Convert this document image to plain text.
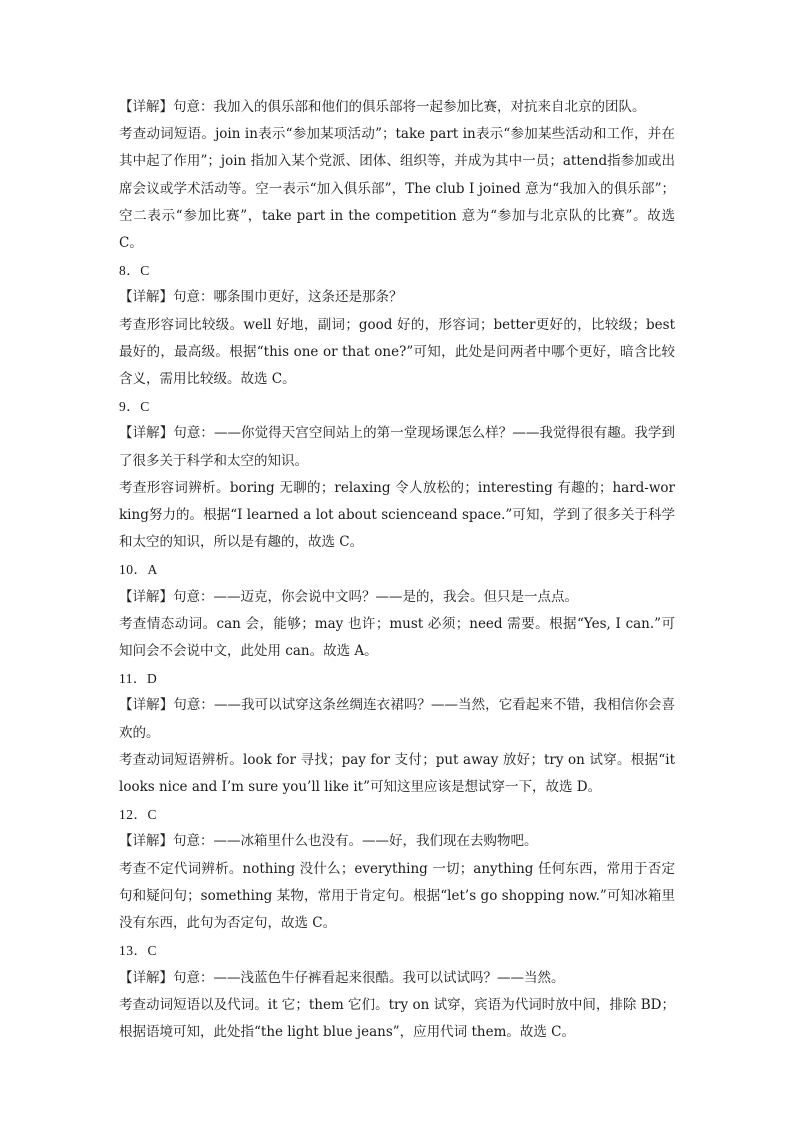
【详解】句意：我加入的俱乐部和他们的俱乐部将一起参加比赛，对抗来自北京的团队。

考查动词短语。join in表示“参加某项活动”；take part in表示“参加某些活动和工作，并在其中起了作用”；join 指加入某个党派、团体、组织等，并成为其中一员；attend指参加或出席会议或学术活动等。空一表示“加入俱乐部”，The club I joined 意为“我加入的俱乐部”；空二表示“参加比赛”，take part in the competition 意为“参加与北京队的比赛”。故选 C。

8．C

【详解】句意：哪条围巾更好，这条还是那条？

考查形容词比较级。well 好地，副词；good 好的，形容词；better更好的，比较级；best 最好的，最高级。根据“this one or that one?”可知，此处是问两者中哪个更好，暗含比较含义，需用比较级。故选 C。

9．C

【详解】句意：——你觉得天宫空间站上的第一堂现场课怎么样？——我觉得很有趣。我学到了很多关于科学和太空的知识。

考查形容词辨析。boring 无聊的；relaxing 令人放松的；interesting 有趣的；hard-working努力的。根据“I learned a lot about scienceand space.”可知，学到了很多关于科学和太空的知识，所以是有趣的，故选 C。

10．A

【详解】句意：——迈克，你会说中文吗？——是的，我会。但只是一点点。

考查情态动词。can 会，能够；may 也许；must 必须；need 需要。根据“Yes, I can.”可知问会不会说中文，此处用 can。故选 A。

11．D

【详解】句意：——我可以试穿这条丝绸连衣裙吗？——当然，它看起来不错，我相信你会喜欢的。

考查动词短语辨析。look for 寻找；pay for 支付；put away 放好；try on 试穿。根据“it looks nice and I’m sure you’ll like it”可知这里应该是想试穿一下，故选 D。

12．C

【详解】句意：——冰箱里什么也没有。——好，我们现在去购物吧。

考查不定代词辨析。nothing 没什么；everything 一切；anything 任何东西，常用于否定句和疑问句；something 某物，常用于肯定句。根据“let’s go shopping now.”可知冰箱里没有东西，此句为否定句，故选 C。

13．C

【详解】句意：——浅蓝色牛仔裤看起来很酷。我可以试试吗？——当然。

考查动词短语以及代词。it 它；them 它们。try on 试穿，宾语为代词时放中间，排除 BD；根据语境可知，此处指“the light blue jeans”，应用代词 them。故选 C。
